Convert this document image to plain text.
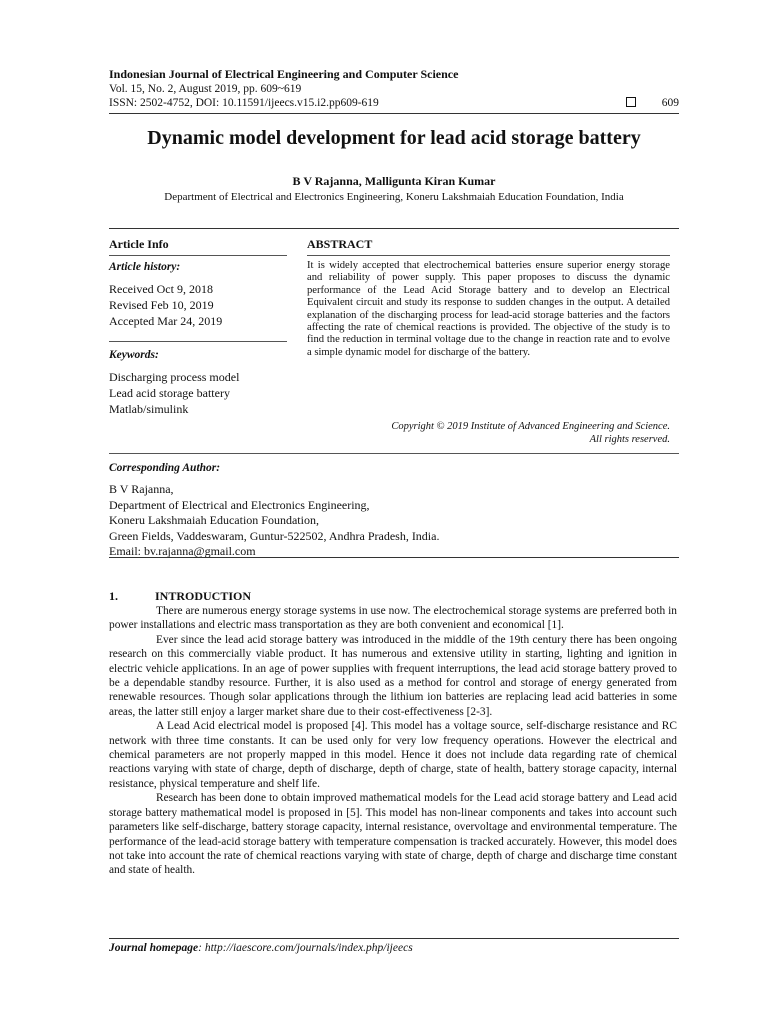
Indonesian Journal of Electrical Engineering and Computer Science
Vol. 15, No. 2, August 2019, pp. 609~619
ISSN: 2502-4752, DOI: 10.11591/ijeecs.v15.i2.pp609-619	609
Dynamic model development for lead acid storage battery
B V Rajanna, Malligunta Kiran Kumar
Department of Electrical and Electronics Engineering, Koneru Lakshmaiah Education Foundation, India
Article Info
Article history:
Received Oct 9, 2018
Revised Feb 10, 2019
Accepted Mar 24, 2019
Keywords:
Discharging process model
Lead acid storage battery
Matlab/simulink
ABSTRACT
It is widely accepted that electrochemical batteries ensure superior energy storage and reliability of power supply. This paper proposes to discuss the dynamic performance of the Lead Acid Storage battery and to develop an Electrical Equivalent circuit and study its response to sudden changes in the output. A detailed explanation of the discharging process for lead-acid storage batteries and the factors affecting the rate of chemical reactions is provided. The objective of the study is to find the reduction in terminal voltage due to the change in reaction rate and to evolve a simple dynamic model for discharge of the battery.
Copyright © 2019 Institute of Advanced Engineering and Science.
All rights reserved.
Corresponding Author:
B V Rajanna,
Department of Electrical and Electronics Engineering,
Koneru Lakshmaiah Education Foundation,
Green Fields, Vaddeswaram, Guntur-522502, Andhra Pradesh, India.
Email: bv.rajanna@gmail.com
1.	INTRODUCTION

There are numerous energy storage systems in use now. The electrochemical storage systems are preferred both in power installations and electric mass transportation as they are both convenient and economical [1].

Ever since the lead acid storage battery was introduced in the middle of the 19th century there has been ongoing research on this commercially viable product. It has numerous and extensive utility in starting, lighting and ignition in electric vehicle applications. In an age of power supplies with frequent interruptions, the lead acid storage battery proved to be a dependable standby resource. Further, it is also used as a method for control and storage of energy generated from renewable resources. Though solar applications through the lithium ion batteries are replacing lead acid batteries in some areas, the latter still enjoy a larger market share due to their cost-effectiveness [2-3].

A Lead Acid electrical model is proposed [4]. This model has a voltage source, self-discharge resistance and RC network with three time constants. It can be used only for very low frequency operations. However the electrical and chemical parameters are not properly mapped in this model. Hence it does not include data regarding rate of chemical reactions varying with state of charge, depth of discharge, depth of charge, state of health, battery storage capacity, internal resistance, physical temperature and shelf life.

Research has been done to obtain improved mathematical models for the Lead acid storage battery and Lead acid storage battery mathematical model is proposed in [5]. This model has non-linear components and takes into account such parameters like self-discharge, battery storage capacity, internal resistance, overvoltage and environmental temperature. The performance of the lead-acid storage battery with temperature compensation is tracked accurately. However, this model does not take into account the rate of chemical reactions varying with state of charge, depth of charge and discharge time constant and state of health.

Journal homepage: http://iaescore.com/journals/index.php/ijeecs
